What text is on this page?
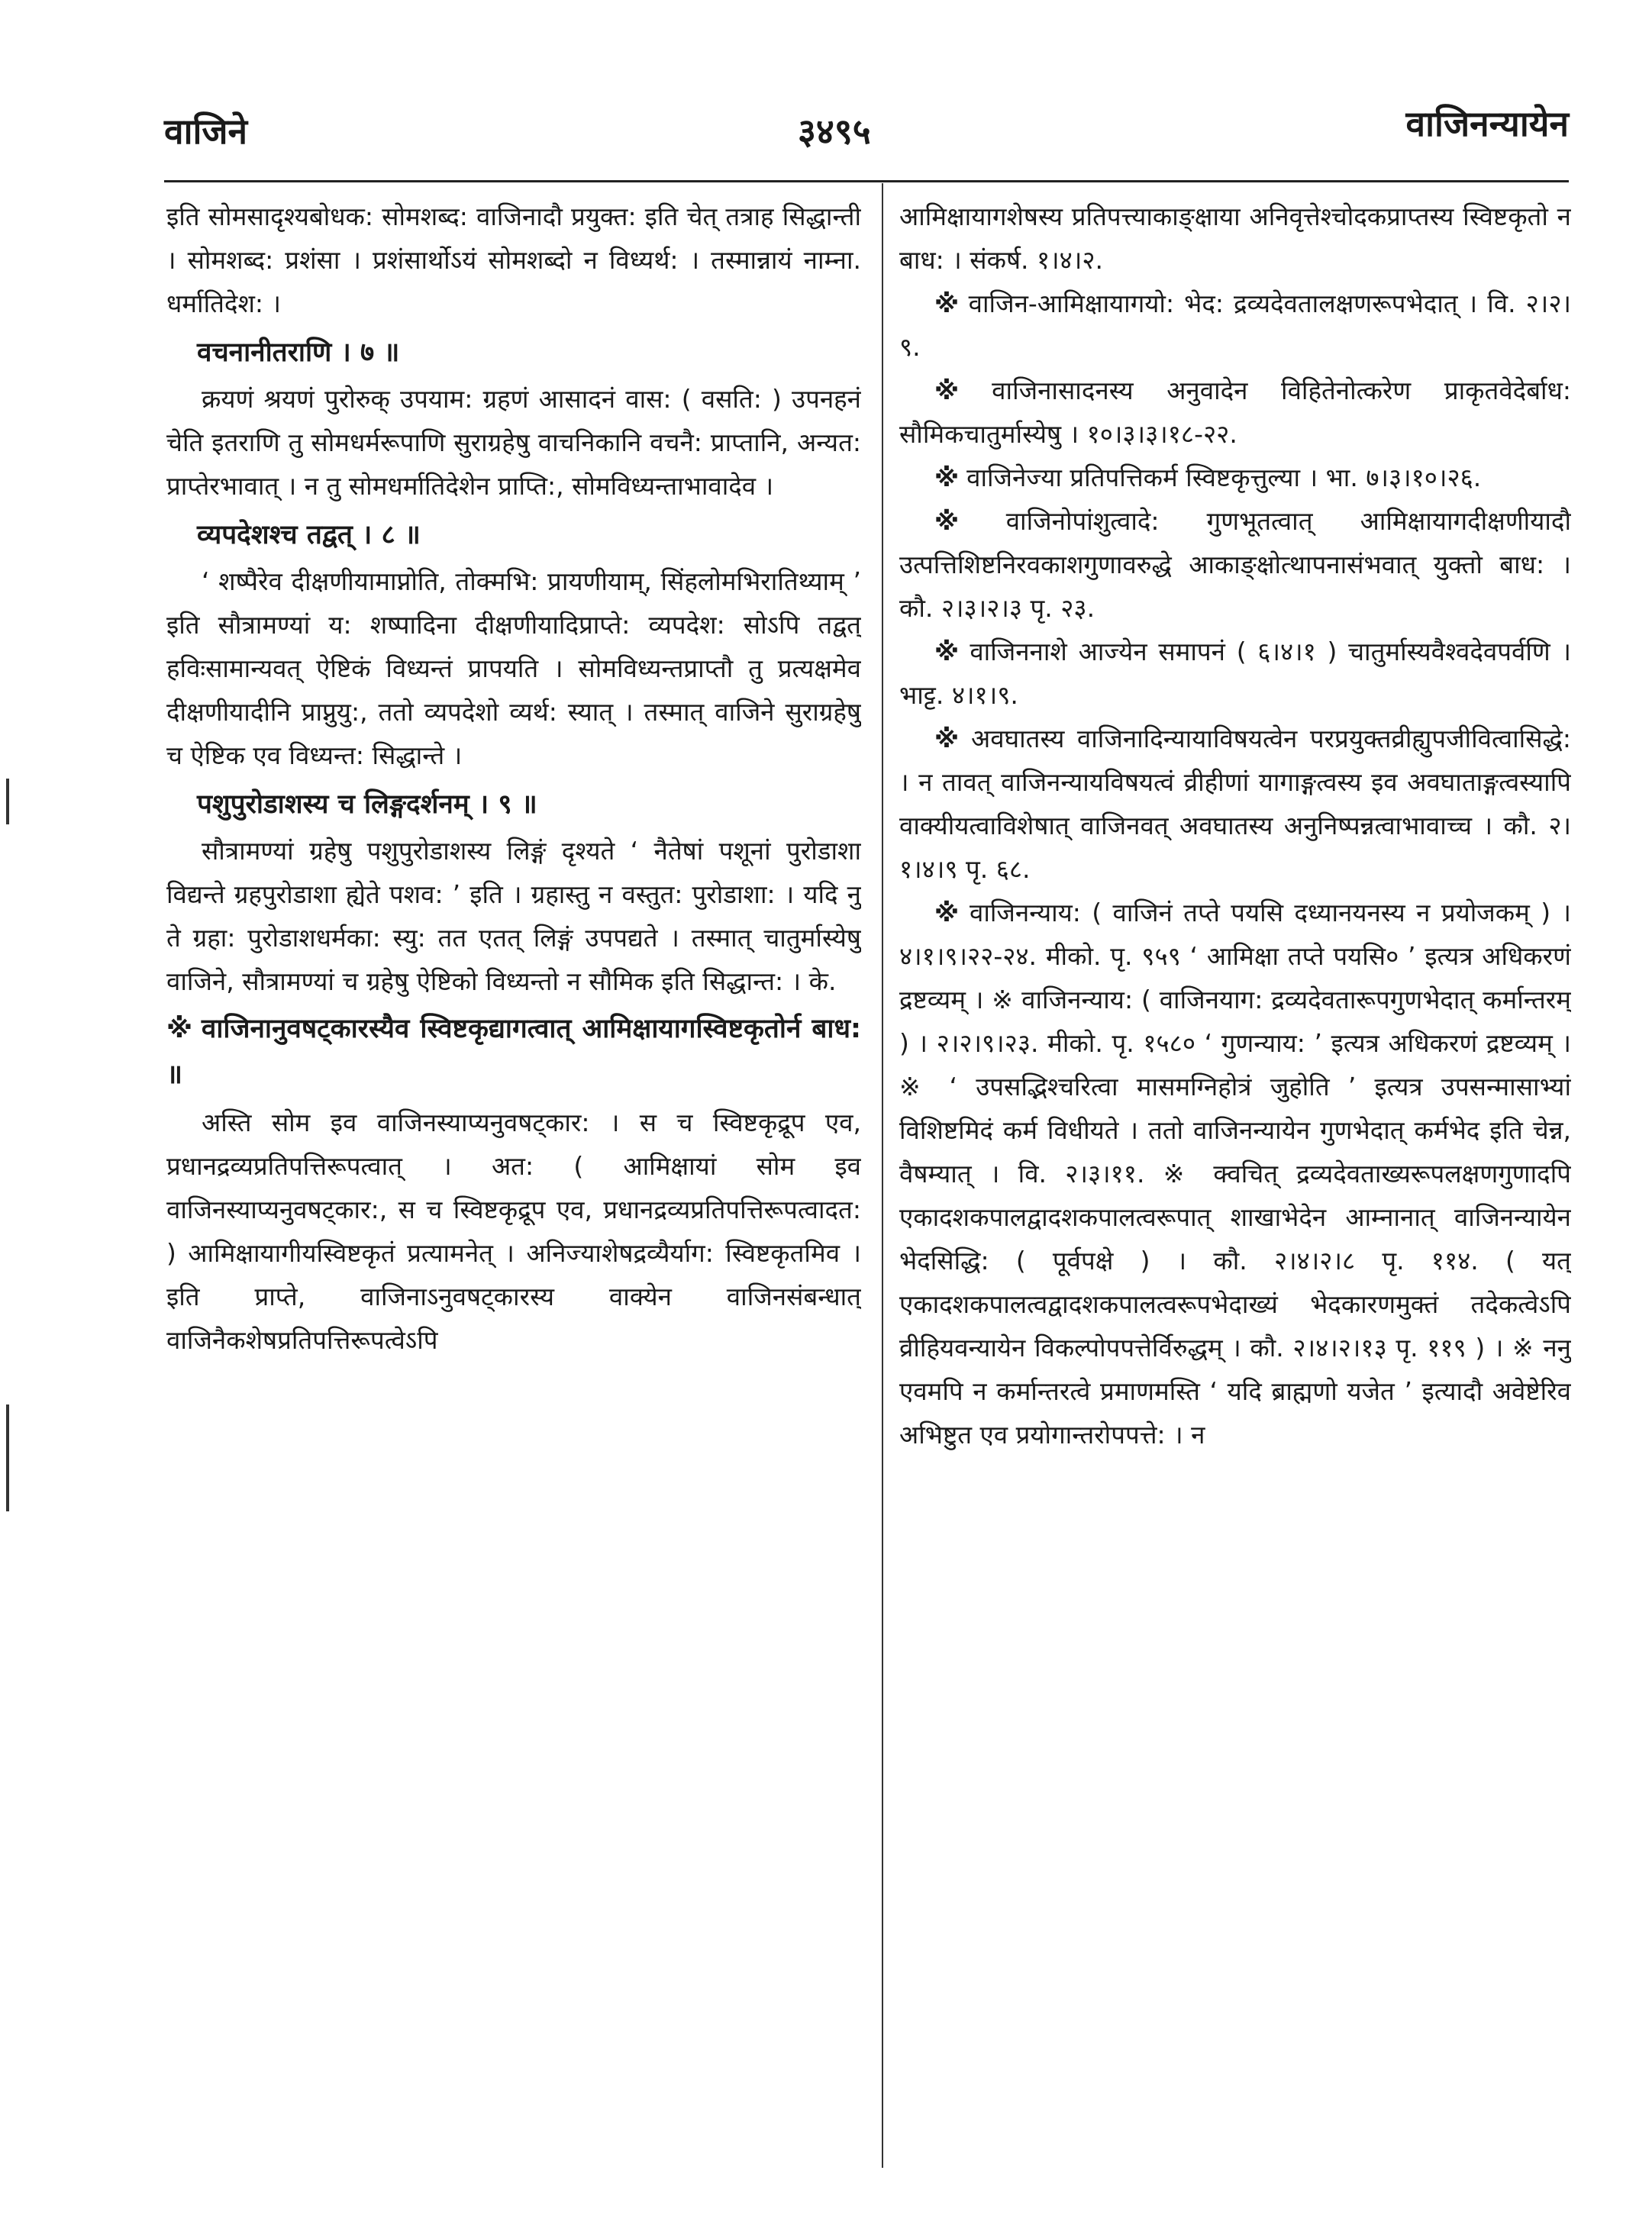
वाजिने	३४९५	वाजिनन्यायेन

इति सोमसादृश्यबोधक: सोमशब्द: वाजिनादौ प्रयुक्त: इति चेत् तत्राह सिद्धान्ती । सोमशब्द: प्रशंसा । प्रशंसार्थोऽयं सोमशब्दो न विध्यर्थ: । तस्मान्नायं नाम्ना. धर्मातिदेश: ।

वचनानीतराणि । ७ ॥

क्रयणं श्रयणं पुरोरुक् उपयाम: ग्रहणं आसादनं वास: ( वसति: ) उपनहनं चेति इतराणि तु सोमधर्मरूपाणि सुराग्रहेषु वाचनिकानि वचनै: प्राप्तानि, अन्यत: प्राप्तेरभावात् । न तु सोमधर्मातिदेशेन प्राप्ति:, सोमविध्यन्ताभावादेव ।

व्यपदेशश्च तद्वत् । ८ ॥

‘ शष्पैरेव दीक्षणीयामाप्नोति, तोक्मभि: प्रायणीयाम्, सिंहलोमभिरातिथ्याम् ’ इति सौत्रामण्यां य: शष्पादिना दीक्षणीयादिप्राप्ते: व्यपदेश: सोऽपि तद्वत् हविःसामान्यवत् ऐष्टिकं विध्यन्तं प्रापयति । सोमविध्यन्तप्राप्तौ तु प्रत्यक्षमेव दीक्षणीयादीनि प्राप्नुयु:, ततो व्यपदेशो व्यर्थ: स्यात् । तस्मात् वाजिने सुराग्रहेषु च ऐष्टिक एव विध्यन्त: सिद्धान्ते ।

पशुपुरोडाशस्य च लिङ्गदर्शनम् । ९ ॥

सौत्रामण्यां ग्रहेषु पशुपुरोडाशस्य लिङ्गं दृश्यते ‘ नैतेषां पशूनां पुरोडाशा विद्यन्ते ग्रहपुरोडाशा ह्येते पशव: ’ इति । ग्रहास्तु न वस्तुत: पुरोडाशा: । यदि नु ते ग्रहा: पुरोडाशधर्मका: स्यु: तत एतत् लिङ्गं उपपद्यते । तस्मात् चातुर्मास्येषु वाजिने, सौत्रामण्यां च ग्रहेषु ऐष्टिको विध्यन्तो न सौमिक इति सिद्धान्त: । के.

※ वाजिनानुवषट्कारस्यैव स्विष्टकृद्यागत्वात् आमिक्षायागस्विष्टकृतोर्न बाध: ॥

अस्ति सोम इव वाजिनस्याप्यनुवषट्कार: । स च स्विष्टकृद्रूप एव, प्रधानद्रव्यप्रतिपत्तिरूपत्वात् । अत: ( आमिक्षायां सोम इव वाजिनस्याप्यनुवषट्कार:, स च स्विष्टकृद्रूप एव, प्रधानद्रव्यप्रतिपत्तिरूपत्वादत: ) आमिक्षायागीयस्विष्टकृतं प्रत्यामनेत् । अनिज्याशेषद्रव्यैर्याग: स्विष्टकृतमिव । इति प्राप्ते, वाजिनाऽनुवषट्कारस्य वाक्येन वाजिनसंबन्धात् वाजिनैकशेषप्रतिपत्तिरूपत्वेऽपि

आमिक्षायागशेषस्य प्रतिपत्त्याकाङ्क्षाया अनिवृत्तेश्चोदकप्राप्तस्य स्विष्टकृतो न बाध: । संकर्ष. १।४।२.

※ वाजिन-आमिक्षायागयो: भेद: द्रव्यदेवतालक्षणरूपभेदात् । वि. २।२।९.

※ वाजिनासादनस्य अनुवादेन विहितेनोत्करेण प्राकृतवेदेर्बाध: सौमिकचातुर्मास्येषु । १०।३।३।१८-२२.

※ वाजिनेज्या प्रतिपत्तिकर्म स्विष्टकृत्तुल्या । भा. ७।३।१०।२६.

※ वाजिनोपांशुत्वादे: गुणभूतत्वात् आमिक्षायागदीक्षणीयादौ उत्पत्तिशिष्टनिरवकाशगुणावरुद्धे आकाङ्क्षोत्थापनासंभवात् युक्तो बाध: । कौ. २।३।२।३ पृ. २३.

※ वाजिननाशे आज्येन समापनं ( ६।४।१ ) चातुर्मास्यवैश्वदेवपर्वणि । भाट्ट. ४।१।९.

※ अवघातस्य वाजिनादिन्यायाविषयत्वेन परप्रयुक्तव्रीह्युपजीवित्वासिद्धे: । न तावत् वाजिनन्यायविषयत्वं व्रीहीणां यागाङ्गत्वस्य इव अवघाताङ्गत्वस्यापि वाक्यीयत्वाविशेषात् वाजिनवत् अवघातस्य अनुनिष्पन्नत्वाभावाच्च । कौ. २।१।४।९ पृ. ६८.

※ वाजिनन्याय: ( वाजिनं तप्ते पयसि दध्यानयनस्य न प्रयोजकम् ) । ४।१।९।२२-२४. मीको. पृ. ९५९ ‘ आमिक्षा तप्ते पयसि० ’ इत्यत्र अधिकरणं द्रष्टव्यम् । ※ वाजिनन्याय: ( वाजिनयाग: द्रव्यदेवतारूपगुणभेदात् कर्मान्तरम् ) । २।२।९।२३. मीको. पृ. १५८० ‘ गुणन्याय: ’ इत्यत्र अधिकरणं द्रष्टव्यम् । ※ ‘ उपसद्भिश्चरित्वा मासमग्निहोत्रं जुहोति ’ इत्यत्र उपसन्मासाभ्यां विशिष्टमिदं कर्म विधीयते । ततो वाजिनन्यायेन गुणभेदात् कर्मभेद इति चेन्न, वैषम्यात् । वि. २।३।११. ※ क्वचित् द्रव्यदेवताख्यरूपलक्षणगुणादपि एकादशकपालद्वादशकपालत्वरूपात् शाखाभेदेन आम्नानात् वाजिनन्यायेन भेदसिद्धि: ( पूर्वपक्षे ) । कौ. २।४।२।८ पृ. ११४. ( यत् एकादशकपालत्वद्वादशकपालत्वरूपभेदाख्यं भेदकारणमुक्तं तदेकत्वेऽपि व्रीहियवन्यायेन विकल्पोपपत्तेर्विरुद्धम् । कौ. २।४।२।१३ पृ. ११९ ) । ※ ननु एवमपि न कर्मान्तरत्वे प्रमाणमस्ति ‘ यदि ब्राह्मणो यजेत ’ इत्यादौ अवेष्टेरिव अभिष्टुत एव प्रयोगान्तरोपपत्ते: । न
